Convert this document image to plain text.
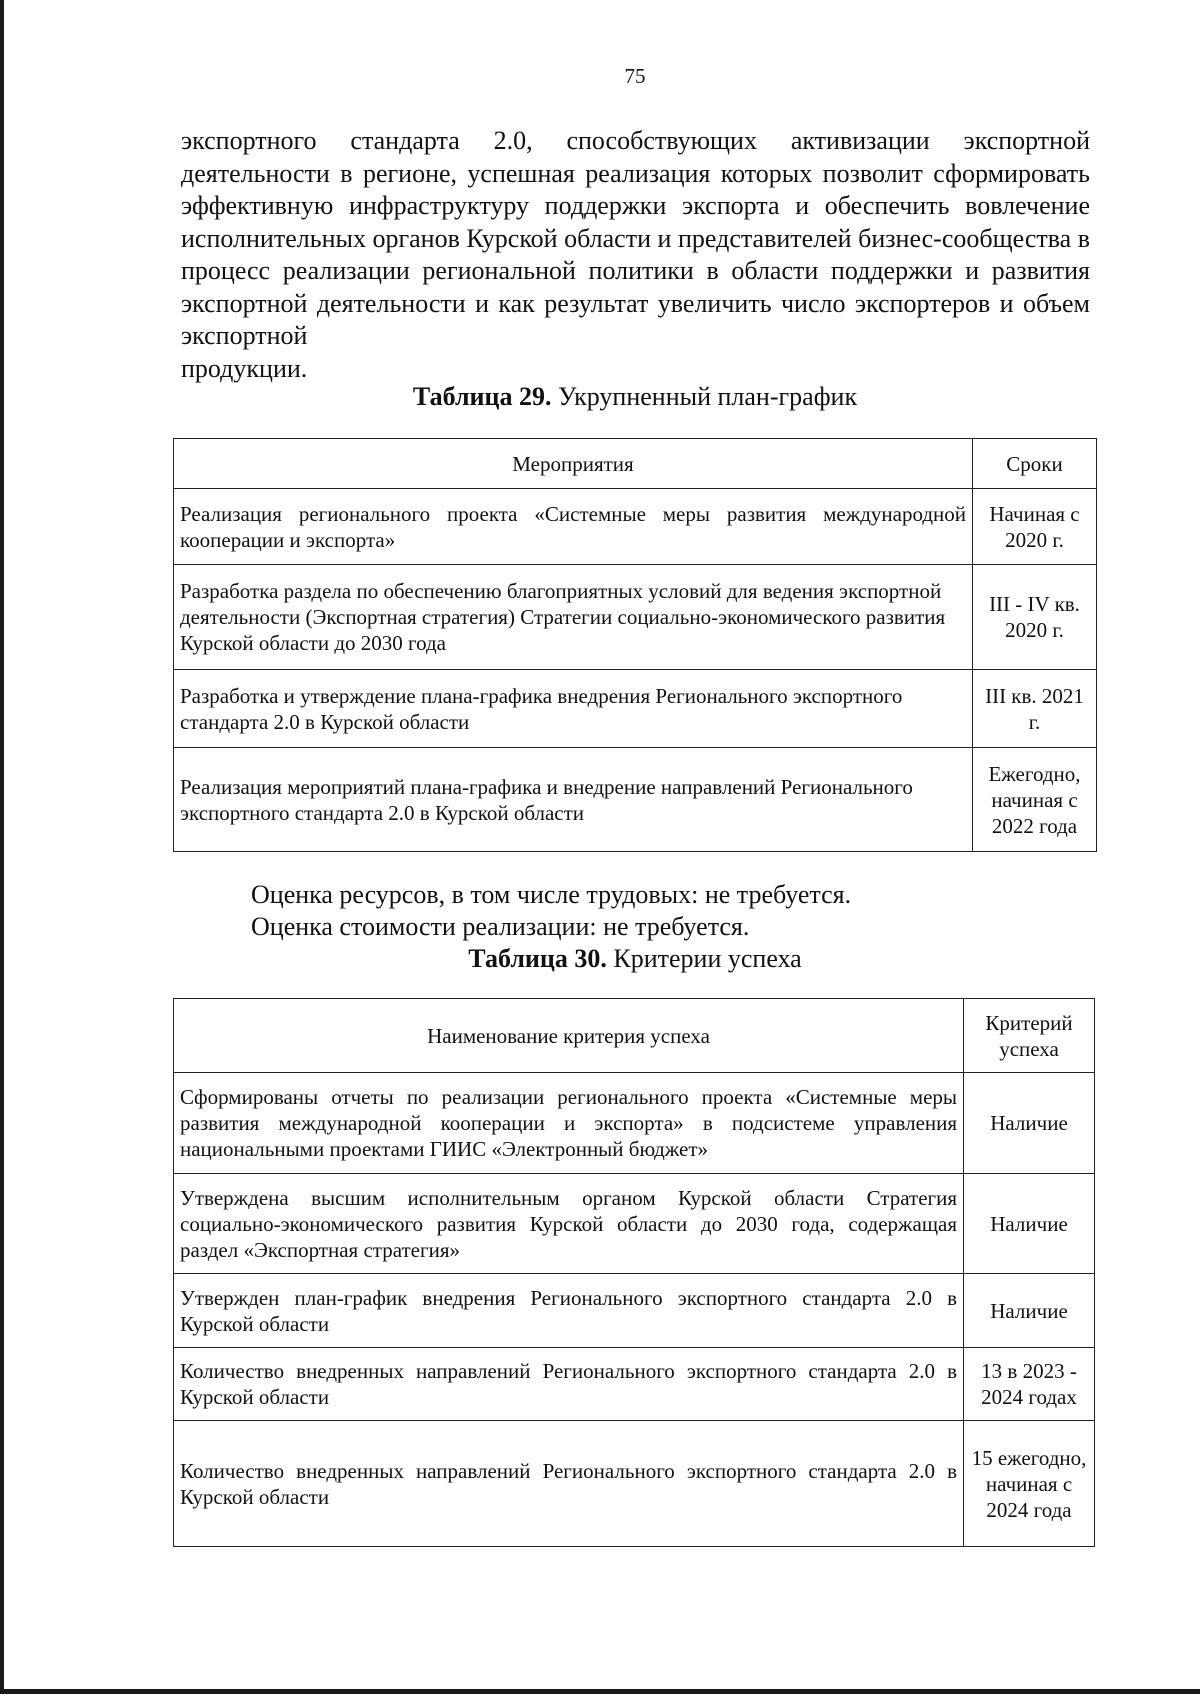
75

экспортного стандарта 2.0, способствующих активизации экспортной деятельности в регионе, успешная реализация которых позволит сформировать эффективную инфраструктуру поддержки экспорта и обеспечить вовлечение исполнительных органов Курской области и представителей бизнес-сообщества в процесс реализации региональной политики в области поддержки и развития экспортной деятельности и как результат увеличить число экспортеров и объем экспортной
продукции.

Таблица 29. Укрупненный план-график
Мероприятия	Сроки
Реализация регионального проекта «Системные меры развития международной кооперации и экспорта»	Начиная с 2020 г.
Разработка раздела по обеспечению благоприятных условий для ведения экспортной деятельности (Экспортная стратегия) Стратегии социально-экономического развития Курской области до 2030 года	III - IV кв. 2020 г.
Разработка и утверждение плана-графика внедрения Регионального экспортного стандарта 2.0 в Курской области	III кв. 2021 г.
Реализация мероприятий плана-графика и внедрение направлений Регионального экспортного стандарта 2.0 в Курской области	Ежегодно, начиная с 2022 года

Оценка ресурсов, в том числе трудовых: не требуется.

Оценка стоимости реализации: не требуется.

Таблица 30. Критерии успеха
Наименование критерия успеха	Критерий успеха
Сформированы отчеты по реализации регионального проекта «Системные меры развития международной кооперации и экспорта» в подсистеме управления национальными проектами ГИИС «Электронный бюджет»	Наличие
Утверждена высшим исполнительным органом Курской области Стратегия социально-экономического развития Курской области до 2030 года, содержащая раздел «Экспортная стратегия»	Наличие
Утвержден план-график внедрения Регионального экспортного стандарта 2.0 в Курской области	Наличие
Количество внедренных направлений Регионального экспортного стандарта 2.0 в Курской области	13 в 2023 - 2024 годах
Количество внедренных направлений Регионального экспортного стандарта 2.0 в Курской области	15 ежегодно, начиная с 2024 года
